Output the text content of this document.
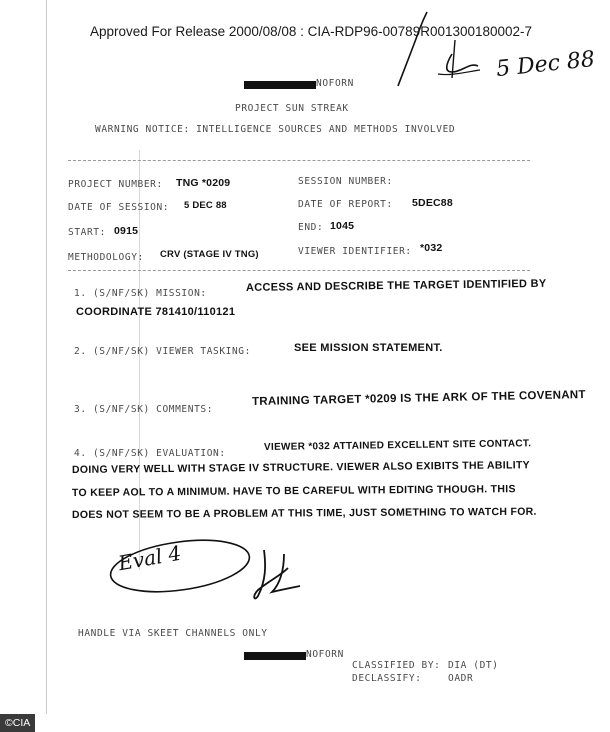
Approved For Release 2000/08/08 : CIA-RDP96-00789R001300180002-7
5 Dec 88
NOFORN
PROJECT SUN STREAK
WARNING NOTICE: INTELLIGENCE SOURCES AND METHODS INVOLVED
PROJECT NUMBER: TNG *0209	SESSION NUMBER:
DATE OF SESSION: 5 DEC 88	DATE OF REPORT: 5DEC88
START: 0915	END: 1045
METHODOLOGY: CRV (STAGE IV TNG)	VIEWER IDENTIFIER: *032
1. (S/NF/SK) MISSION:	ACCESS AND DESCRIBE THE TARGET IDENTIFIED BY
COORDINATE 781410/110121
2. (S/NF/SK) VIEWER TASKING:	SEE MISSION STATEMENT.
3. (S/NF/SK) COMMENTS:
TRAINING TARGET *0209 IS THE ARK OF THE COVENANT
4. (S/NF/SK) EVALUATION:
VIEWER *032 ATTAINED EXCELLENT SITE CONTACT.
DOING VERY WELL WITH STAGE IV STRUCTURE. VIEWER ALSO EXIBITS THE ABILITY
TO KEEP AOL TO A MINIMUM. HAVE TO BE CAREFUL WITH EDITING THOUGH. THIS
DOES NOT SEEM TO BE A PROBLEM AT THIS TIME, JUST SOMETHING TO WATCH FOR.
Eval 4
HANDLE VIA SKEET CHANNELS ONLY
NOFORN
CLASSIFIED BY: DIA (DT)
DECLASSIFY:	OADR
©CIA
